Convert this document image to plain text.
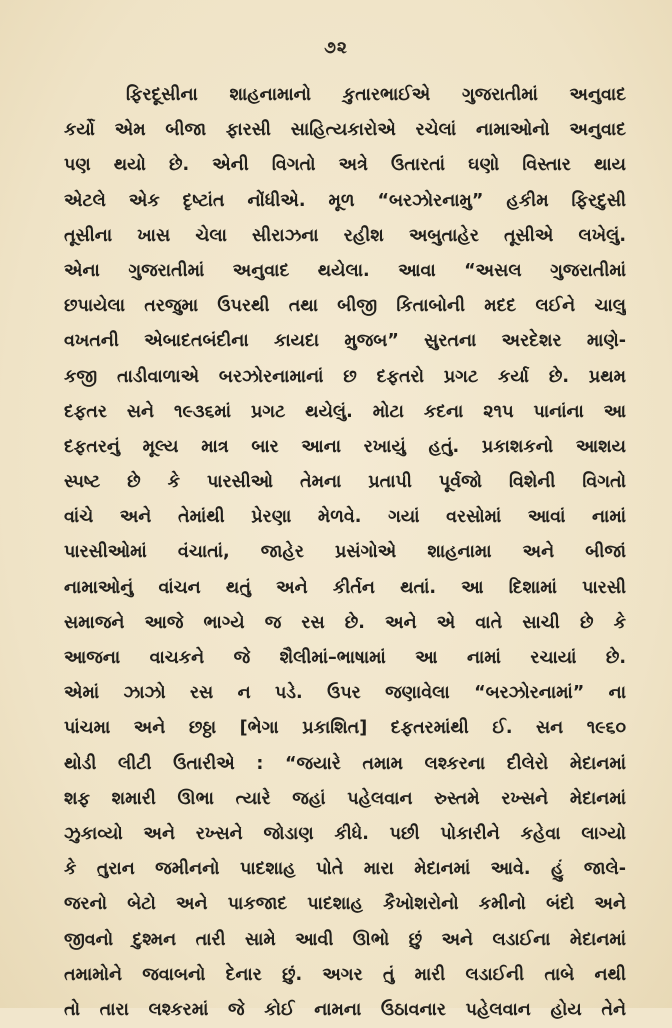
૭૨
ફિરદૂસીના શાહનામાનો કુતારભાઈએ ગુજરાતીમાં અનુવાદ
કર્યો એમ બીજા ફારસી સાહિત્યકારોએ રચેલાં નામાઓનો અનુવાદ
પણ થયો છે. એની વિગતો અત્રે ઉતારતાં ઘણો વિસ્તાર થાય
એટલે એક દૃષ્ટાંત નોંધીએ. મૂળ “બરઝોરનામુ” હકીમ ફિરદુસી
તૂસીના ખાસ ચેલા સીરાઝના રહીશ અબુતાહેર તૂસીએ લખેલું.
એના ગુજરાતીમાં અનુવાદ થયેલા. આવા “અસલ ગુજરાતીમાં
છપાયેલા તરજુમા ઉપરથી તથા બીજી કિતાબોની મદદ લઈને ચાલુ
વખતની એબાદતબંદીના કાયદા મુજબ” સુરતના અરદેશર માણે-
કજી તાડીવાળાએ બરઝોરનામાનાં છ દફતરો પ્રગટ કર્યા છે. પ્રથમ
દફતર સને ૧૯૩૬માં પ્રગટ થયેલું. મોટા કદના ૨૧૫ પાનાંના આ
દફતરનું મૂલ્ય માત્ર બાર આના રખાયું હતું. પ્રકાશકનો આશય
સ્પષ્ટ છે કે પારસીઓ તેમના પ્રતાપી પૂર્વજો વિશેની વિગતો
વાંચે અને તેમાંથી પ્રેરણા મેળવે. ગયાં વરસોમાં આવાં નામાં
પારસીઓમાં વંચાતાં, જાહેર પ્રસંગોએ શાહનામા અને બીજાં
નામાઓનું વાંચન થતું અને કીર્તન થતાં. આ દિશામાં પારસી
સમાજને આજે ભાગ્યે જ રસ છે. અને એ વાતે સાચી છે કે
આજના વાચકને જે શૈલીમાં–ભાષામાં આ નામાં રચાયાં છે.
એમાં ઝાઝો રસ ન પડે. ઉપર જણાવેલા “બરઝોરનામાં” ના
પાંચમા અને છઠ્ઠા [ભેગા પ્રકાશિત] દફતરમાંથી ઈ. સન ૧૯૬૦
થોડી લીટી ઉતારીએ : “જયારે તમામ લશ્કરના દીલેરો મેદાનમાં
શફ શમારી ઊભા ત્યારે જહાં પહેલવાન રુસ્તમે રખ્સને મેદાનમાં
ઝુકાવ્યો અને રખ્સને જોડાણ કીધે. પછી પોકારીને કહેવા લાગ્યો
કે તુરાન જમીનનો પાદશાહ પોતે મારા મેદાનમાં આવે. હું જાલે-
જરનો બેટો અને પાકજાદ પાદશાહ કૈખોશરોનો કમીનો બંદો અને
જીવનો દુશ્મન તારી સામે આવી ઊભો છું અને લડાઈના મેદાનમાં
તમામોને જવાબનો દેનાર છું. અગર તું મારી લડાઈની તાબે નથી
તો તારા લશ્કરમાં જે કોઈ નામના ઉઠાવનાર પહેલવાન હોય તેને
